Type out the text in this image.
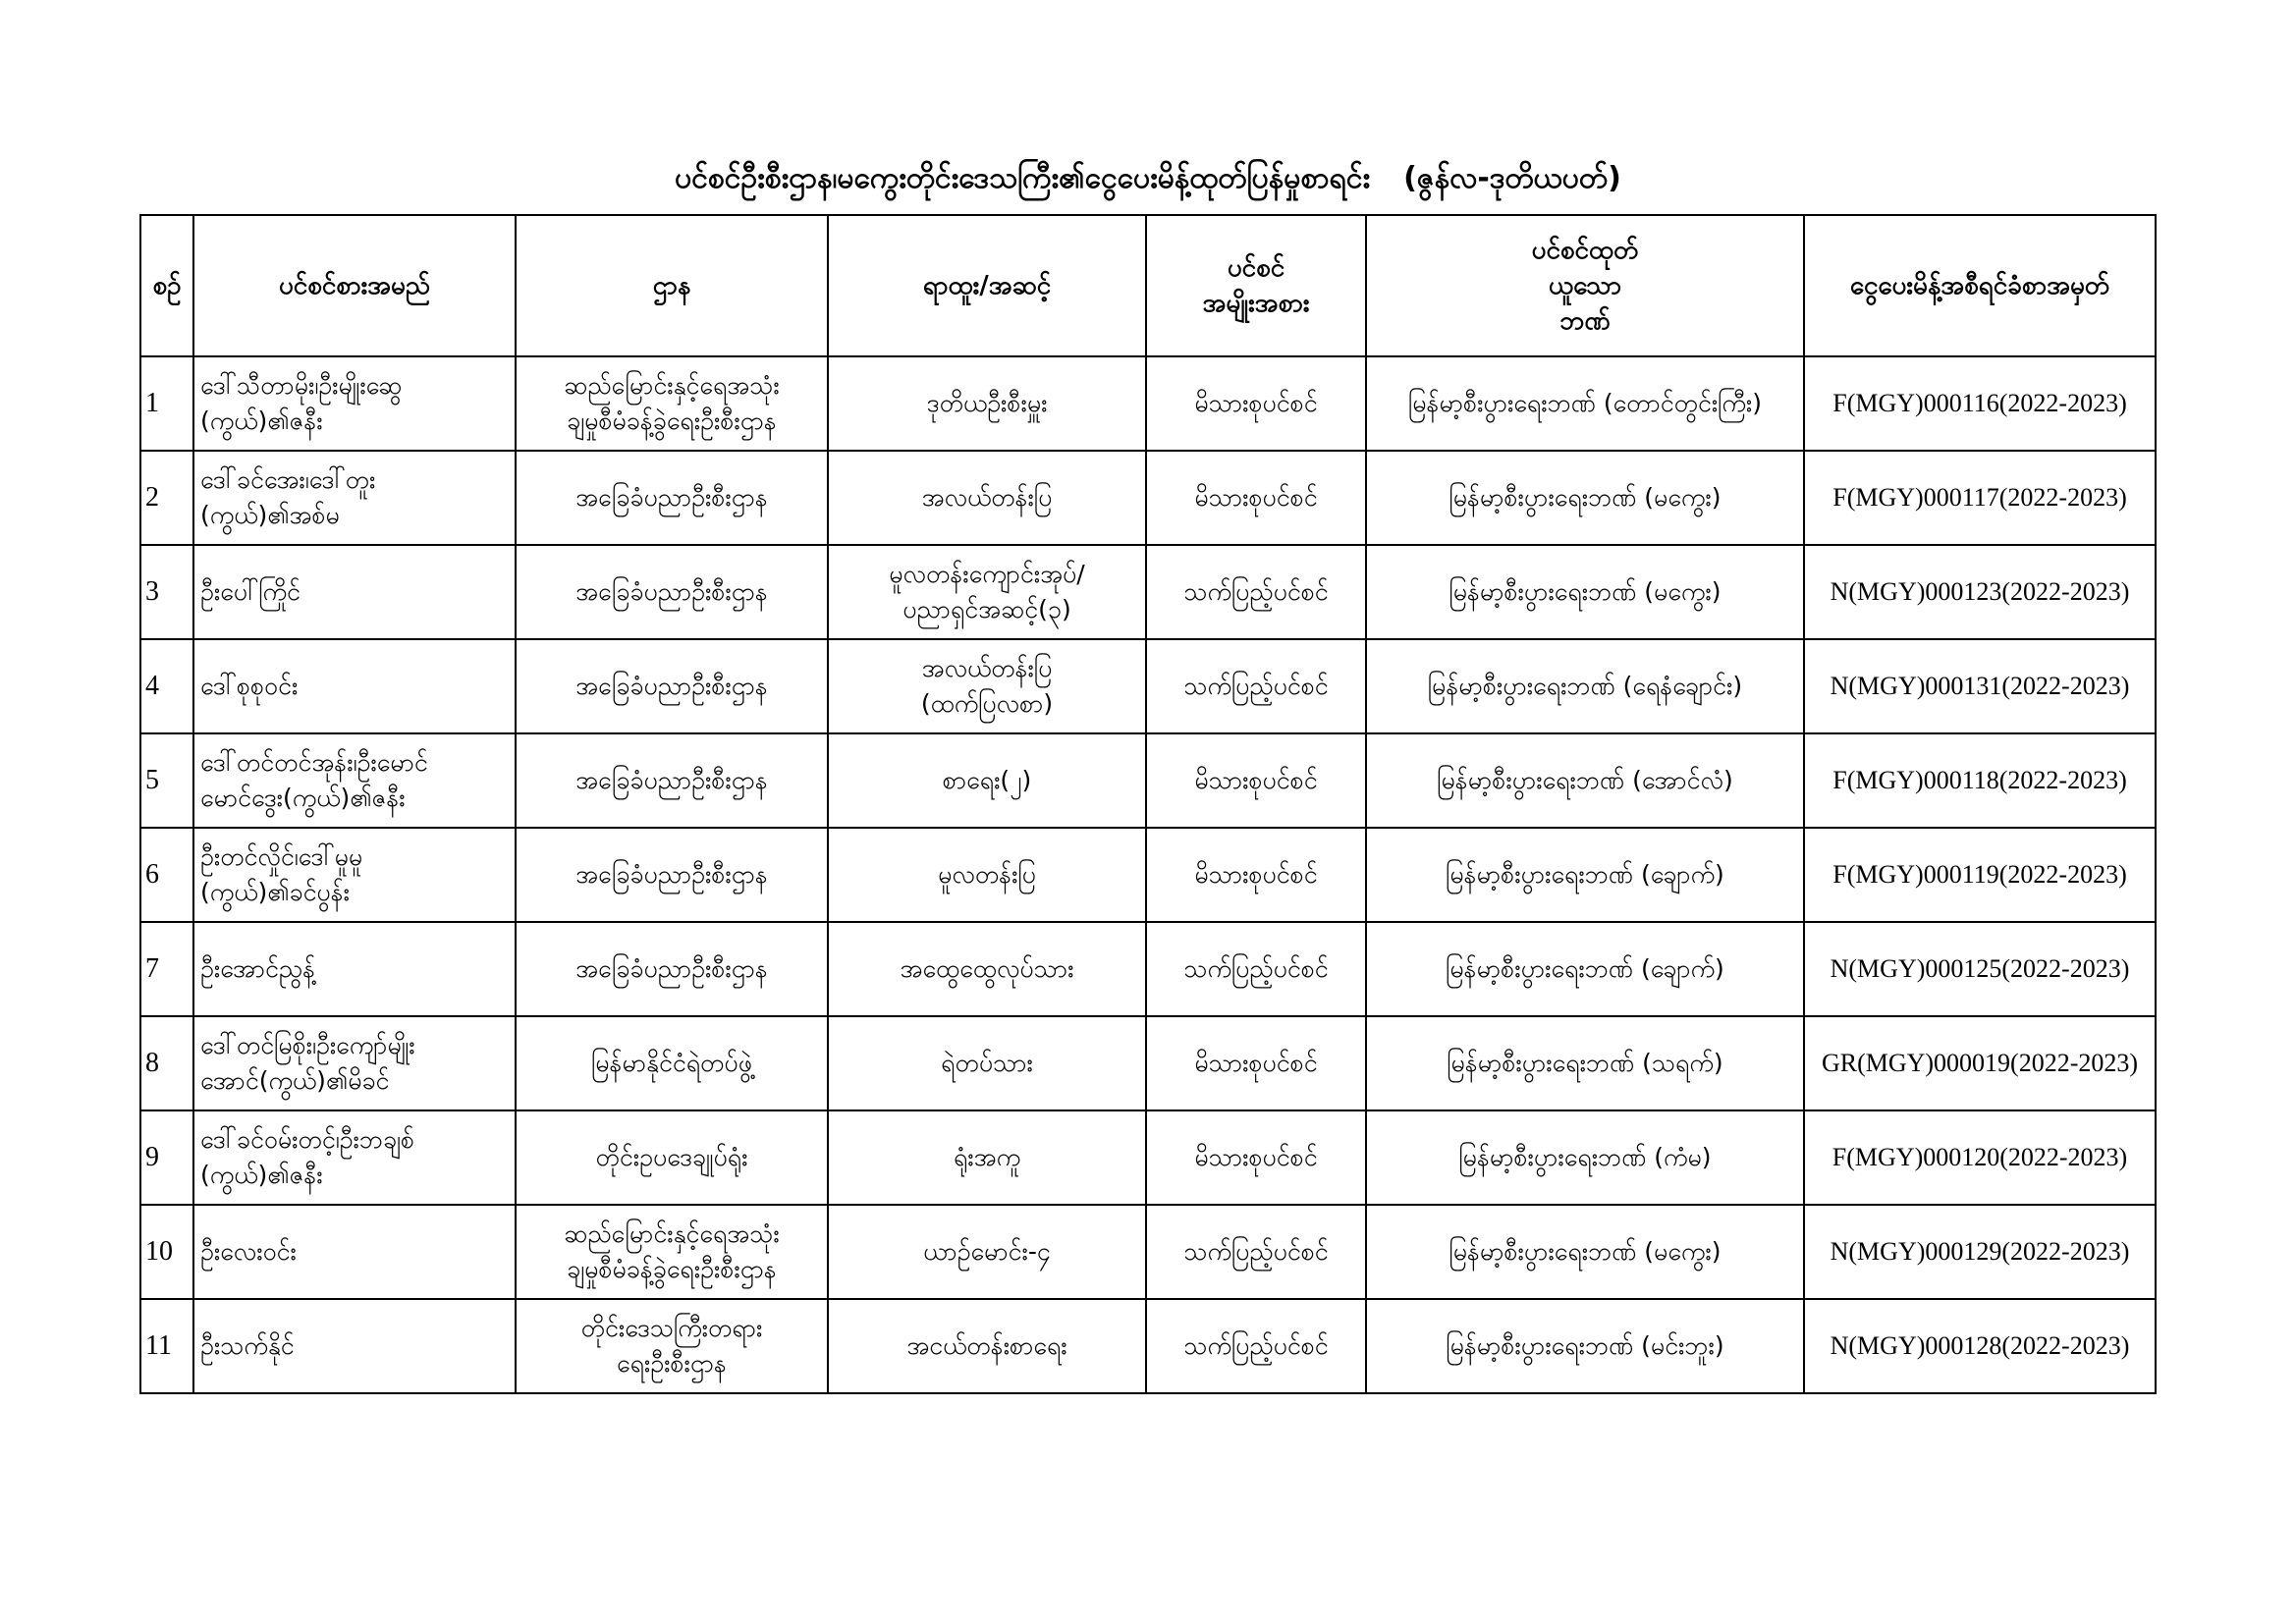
ပင်စင်ဦးစီးဌာန၊မကွေးတိုင်းဒေသကြီး၏ငွေပေးမိန့်ထုတ်ပြန်မှုစာရင်း (ဇွန်လ-ဒုတိယပတ်)
စဉ်	ပင်စင်စားအမည်	ဌာန	ရာထူး/အဆင့်	ပင်စင်
အမျိုးအစား	ပင်စင်ထုတ်
ယူသော
ဘဏ်	ငွေပေးမိန့်အစီရင်ခံစာအမှတ်

1	ဒေါ်သီတာမိုး၊ဦးမျိုးဆွေ
(ကွယ်)၏ဇနီး	ဆည်မြောင်းနှင့်ရေအသုံး
ချမှုစီမံခန့်ခွဲရေးဦးစီးဌာန	ဒုတိယဦးစီးမှူး	မိသားစုပင်စင်	မြန်မာ့စီးပွားရေးဘဏ် (တောင်တွင်းကြီး)	F(MGY)000116(2022-2023)
2	ဒေါ်ခင်အေး၊ဒေါ်တူး
(ကွယ်)၏အစ်မ	အခြေခံပညာဦးစီးဌာန	အလယ်တန်းပြ	မိသားစုပင်စင်	မြန်မာ့စီးပွားရေးဘဏ် (မကွေး)	F(MGY)000117(2022-2023)
3	ဦးပေါ်ကြိုင်	အခြေခံပညာဦးစီးဌာန	မူလတန်းကျောင်းအုပ်/
ပညာရှင်အဆင့်(၃)	သက်ပြည့်ပင်စင်	မြန်မာ့စီးပွားရေးဘဏ် (မကွေး)	N(MGY)000123(2022-2023)
4	ဒေါ်စုစုဝင်း	အခြေခံပညာဦးစီးဌာန	အလယ်တန်းပြ
(ထက်ပြလစာ)	သက်ပြည့်ပင်စင်	မြန်မာ့စီးပွားရေးဘဏ် (ရေနံချောင်း)	N(MGY)000131(2022-2023)
5	ဒေါ်တင်တင်အုန်း၊ဦးမောင်
မောင်ဒွေး(ကွယ်)၏ဇနီး	အခြေခံပညာဦးစီးဌာန	စာရေး(၂)	မိသားစုပင်စင်	မြန်မာ့စီးပွားရေးဘဏ် (အောင်လံ)	F(MGY)000118(2022-2023)
6	ဦးတင်လှိုင်၊ဒေါ်မူမူ
(ကွယ်)၏ခင်ပွန်း	အခြေခံပညာဦးစီးဌာန	မူလတန်းပြ	မိသားစုပင်စင်	မြန်မာ့စီးပွားရေးဘဏ် (ချောက်)	F(MGY)000119(2022-2023)
7	ဦးအောင်ညွန့်	အခြေခံပညာဦးစီးဌာန	အထွေထွေလုပ်သား	သက်ပြည့်ပင်စင်	မြန်မာ့စီးပွားရေးဘဏ် (ချောက်)	N(MGY)000125(2022-2023)
8	ဒေါ်တင်မြစိုး၊ဦးကျော်မျိုး
အောင်(ကွယ်)၏မိခင်	မြန်မာနိုင်ငံရဲတပ်ဖွဲ့	ရဲတပ်သား	မိသားစုပင်စင်	မြန်မာ့စီးပွားရေးဘဏ် (သရက်)	GR(MGY)000019(2022-2023)
9	ဒေါ်ခင်ဝမ်းတင့်၊ဦးဘချစ်
(ကွယ်)၏ဇနီး	တိုင်းဥပဒေချုပ်ရုံး	ရုံးအကူ	မိသားစုပင်စင်	မြန်မာ့စီးပွားရေးဘဏ် (ကံမ)	F(MGY)000120(2022-2023)
10	ဦးလေးဝင်း	ဆည်မြောင်းနှင့်ရေအသုံး
ချမှုစီမံခန့်ခွဲရေးဦးစီးဌာန	ယာဉ်မောင်း-၄	သက်ပြည့်ပင်စင်	မြန်မာ့စီးပွားရေးဘဏ် (မကွေး)	N(MGY)000129(2022-2023)
11	ဦးသက်နိုင်	တိုင်းဒေသကြီးတရား
ရေးဦးစီးဌာန	အငယ်တန်းစာရေး	သက်ပြည့်ပင်စင်	မြန်မာ့စီးပွားရေးဘဏ် (မင်းဘူး)	N(MGY)000128(2022-2023)
